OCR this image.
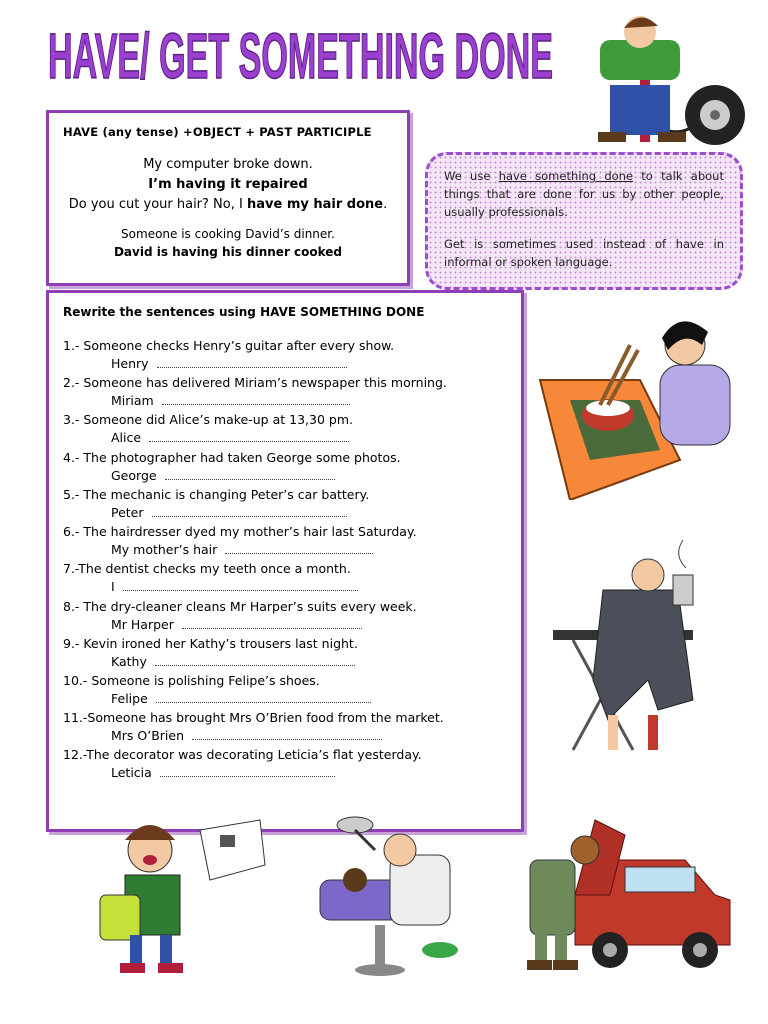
HAVE/ GET SOMETHING DONE
HAVE (any tense) +OBJECT + PAST PARTICIPLE
My computer broke down.
I’m having it repaired
Do you cut your hair? No, I have my hair done.
Someone is cooking David’s dinner.
David is having his dinner cooked

We use have something done to talk about things that are done for us by other people, usually professionals.

Get is sometimes used instead of have in informal or spoken language.

Rewrite the sentences using HAVE SOMETHING DONE
1.- Someone checks Henry’s guitar after every show.
Henry
2.- Someone has delivered Miriam’s newspaper this morning.
Miriam
3.- Someone did Alice’s make-up at 13,30 pm.
Alice
4.- The photographer had taken George some photos.
George
5.- The mechanic is changing Peter’s car battery.
Peter
6.- The hairdresser dyed my mother’s hair last Saturday.
My mother’s hair
7.-The dentist checks my teeth once a month.
I
8.- The dry-cleaner cleans Mr Harper’s suits every week.
Mr Harper
9.- Kevin ironed her Kathy’s trousers last night.
Kathy
10.- Someone is polishing Felipe’s shoes.
Felipe
11.-Someone has brought Mrs O’Brien food from the market.
Mrs O’Brien
12.-The decorator was decorating Leticia’s flat yesterday.
Leticia
